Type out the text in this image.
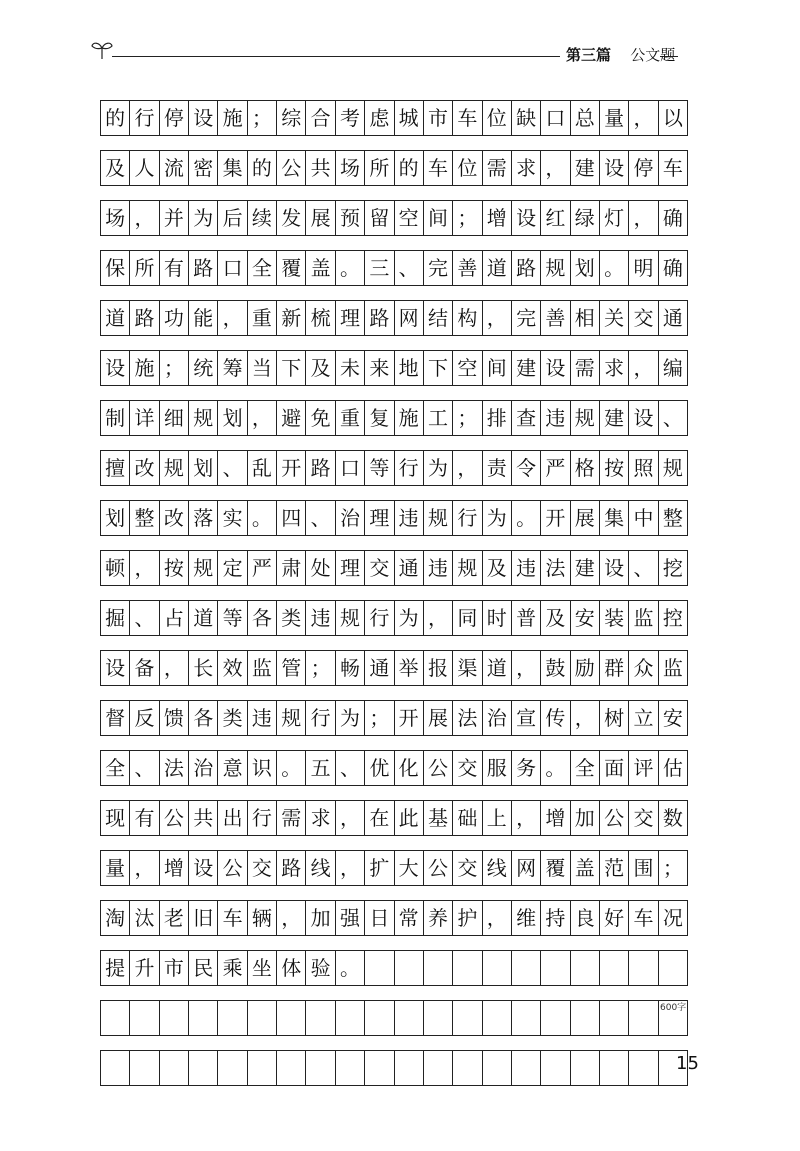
第三篇 公文题
的 行 停 设 施 ； 综 合 考 虑 城 市 车 位 缺 口 总 量 ， 以
及 人 流 密 集 的 公 共 场 所 的 车 位 需 求 ， 建 设 停 车
场 ， 并 为 后 续 发 展 预 留 空 间 ； 增 设 红 绿 灯 ， 确
保 所 有 路 口 全 覆 盖 。 三 、 完 善 道 路 规 划 。 明 确
道 路 功 能 ， 重 新 梳 理 路 网 结 构 ， 完 善 相 关 交 通
设 施 ； 统 筹 当 下 及 未 来 地 下 空 间 建 设 需 求 ， 编
制 详 细 规 划 ， 避 免 重 复 施 工 ； 排 查 违 规 建 设 、
擅 改 规 划 、 乱 开 路 口 等 行 为 ， 责 令 严 格 按 照 规
划 整 改 落 实 。 四 、 治 理 违 规 行 为 。 开 展 集 中 整
顿 ， 按 规 定 严 肃 处 理 交 通 违 规 及 违 法 建 设 、 挖
掘 、 占 道 等 各 类 违 规 行 为 ， 同 时 普 及 安 装 监 控
设 备 ， 长 效 监 管 ； 畅 通 举 报 渠 道 ， 鼓 励 群 众 监
督 反 馈 各 类 违 规 行 为 ； 开 展 法 治 宣 传 ， 树 立 安
全 、 法 治 意 识 。 五 、 优 化 公 交 服 务 。 全 面 评 估
现 有 公 共 出 行 需 求 ， 在 此 基 础 上 ， 增 加 公 交 数
量 ， 增 设 公 交 路 线 ， 扩 大 公 交 线 网 覆 盖 范 围 ；
淘 汰 老 旧 车 辆 ， 加 强 日 常 养 护 ， 维 持 良 好 车 况
提 升 市 民 乘 坐 体 验 。
600字
15
